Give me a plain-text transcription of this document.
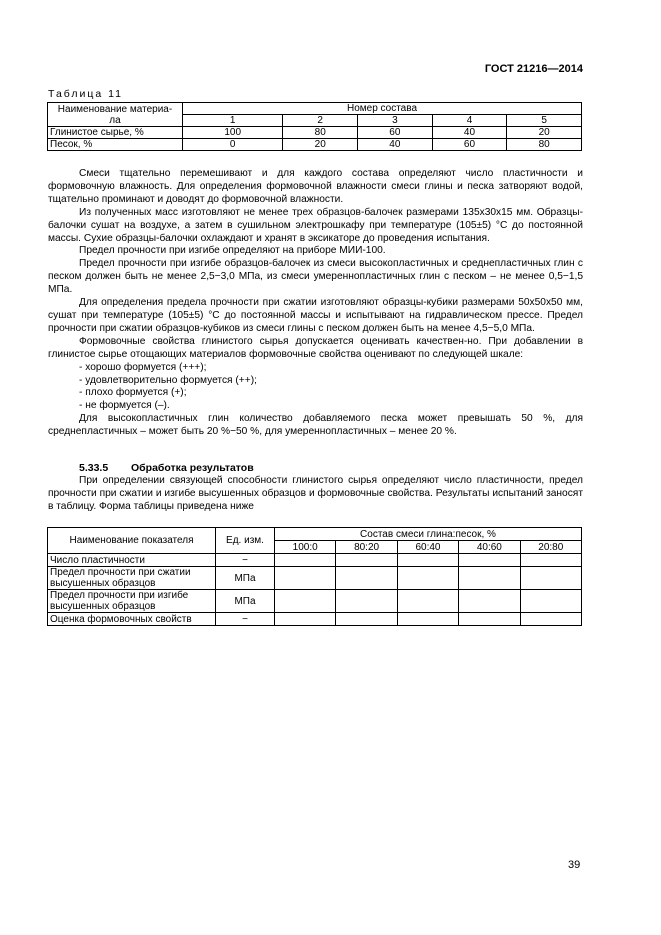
ГОСТ 21216—2014
Таблица 11
Наименование материа-
ла	Номер состава				
	1	2	3	4	5
Глинистое сырье, %	100	80	60	40	20
Песок, %	0	20	40	60	80

Смеси тщательно перемешивают и для каждого состава определяют число пластичности и формовочную влажность. Для определения формовочной влажности смеси глины и песка затворяют водой, тщательно проминают и доводят до формовочной влажности.

Из полученных масс изготовляют не менее трех образцов-балочек размерами 135x30x15 мм. Образцы-балочки сушат на воздухе, а затем в сушильном электрошкафу при температуре (105±5) °С до постоянной массы. Сухие образцы-балочки охлаждают и хранят в эксикаторе до проведения испытания.

Предел прочности при изгибе определяют на приборе МИИ-100.

Предел прочности при изгибе образцов-балочек из смеси высокопластичных и среднепластичных глин с песком должен быть не менее 2,5−3,0 МПа, из смеси умереннопластичных глин с песком – не менее 0,5−1,5 МПа.

Для определения предела прочности при сжатии изготовляют образцы-кубики размерами 50x50x50 мм, сушат при температуре (105±5) °С до постоянной массы и испытывают на гидравлическом прессе. Предел прочности при сжатии образцов-кубиков из смеси глины с песком должен быть на менее 4,5−5,0 МПа.

Формовочные свойства глинистого сырья допускается оценивать качествен-но. При добавлении в глинистое сырье отощающих материалов формовочные свойства оценивают по следующей шкале:

- хорошо формуется (+++);

- удовлетворительно формуется (++);

- плохо формуется (+);

- не формуется (–).

Для высокопластичных глин количество добавляемого песка может превышать 50 %, для среднепластичных – может быть 20 %−50 %, для умереннопластичных – менее 20 %.

5.33.5 Обработка результатов

При определении связующей способности глинистого сырья определяют число пластичности, предел прочности при сжатии и изгибе высушенных образцов и формовочные свойства. Результаты испытаний заносят в таблицу. Форма таблицы приведена ниже

Наименование показателя	Ед. изм.	Состав смеси глина:песок, %				
		100:0	80:20	60:40	40:60	20:80
Число пластичности	−					

Предел прочности при сжатии
высушенных образцов	МПа					

Предел прочности при изгибе
высушенных образцов	МПа					
Оценка формовочных свойств	−					
39
